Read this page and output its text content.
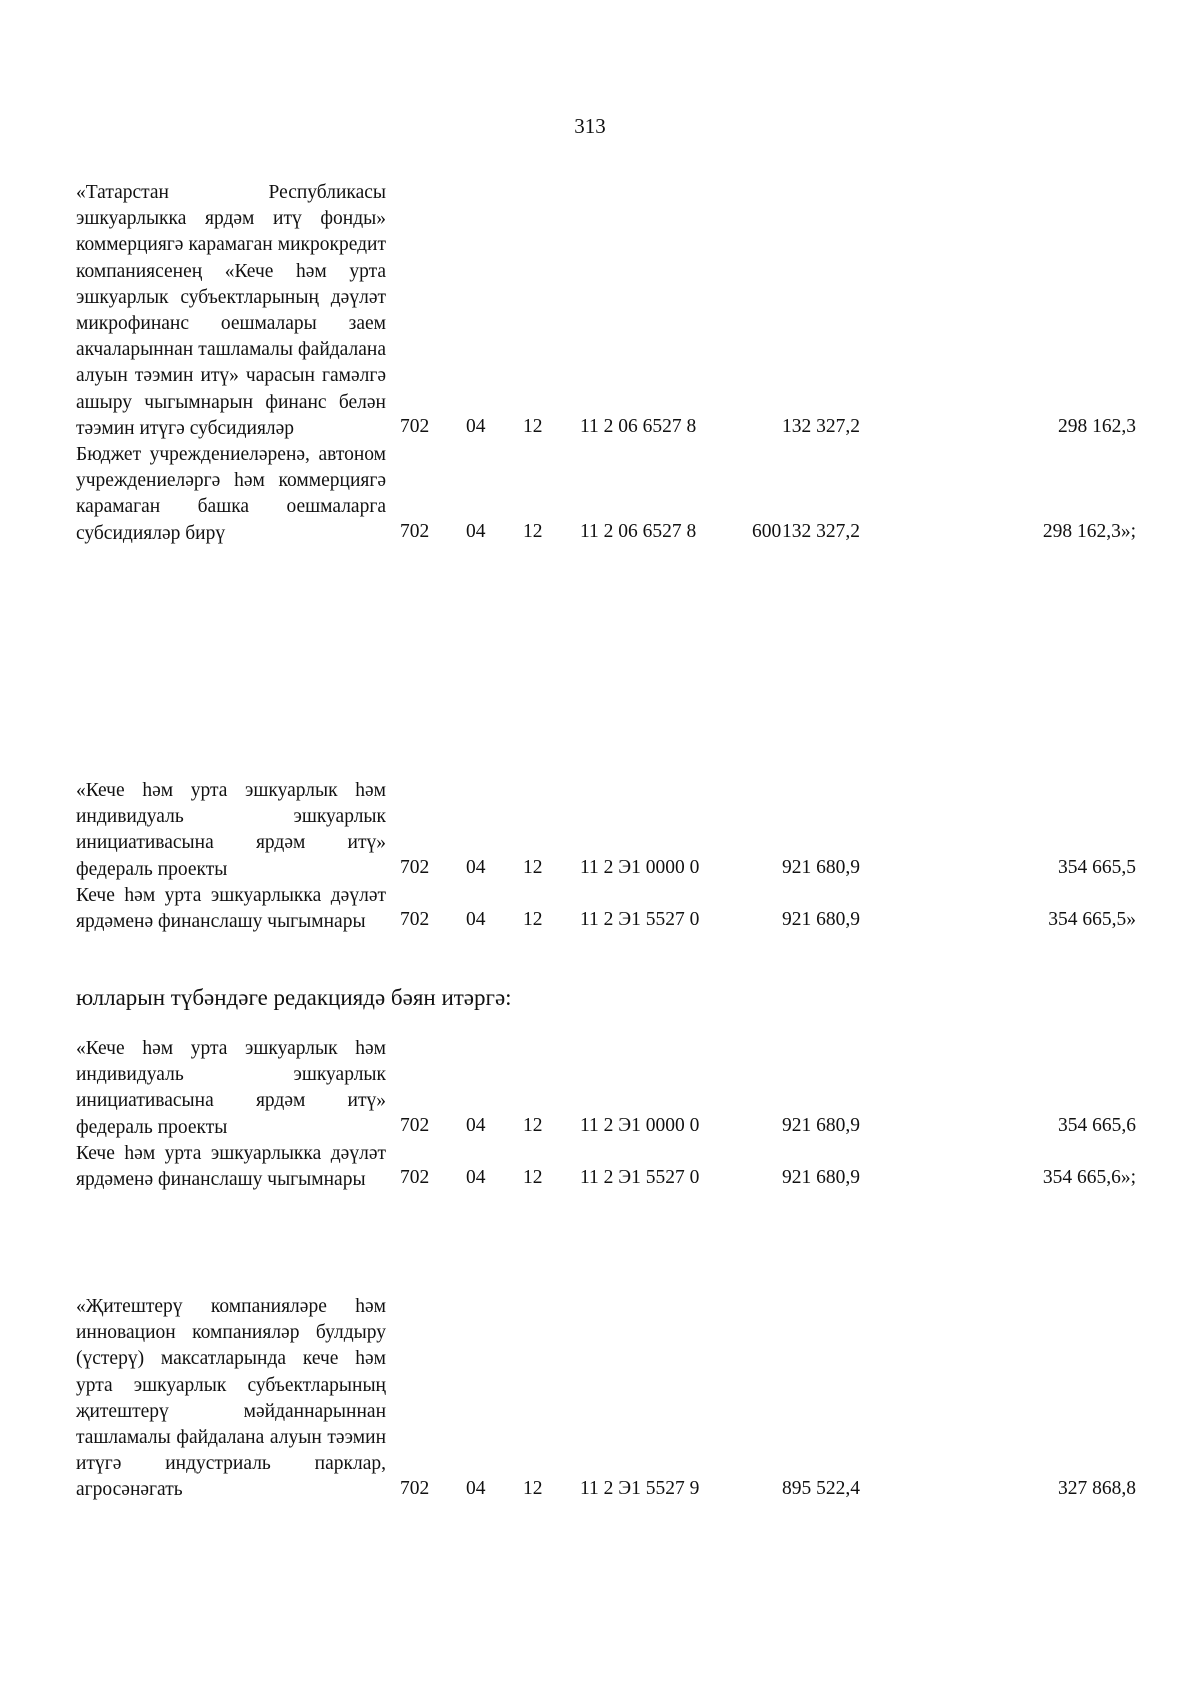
313
«Татарстан Республикасы эшкуарлыкка ярдәм итү фонды» коммерциягә карамаган микрокредит компаниясенең «Кече һәм урта эшкуарлык субъектларының дәүләт микрофинанс оешмалары заем акчаларыннан ташламалы файдалана алуын тәэмин итү» чарасын гамәлгә ашыру чыгымнарын финанс белән тәэмин итүгә субсидияләр	702 04 12 11 2 06 6527 8	132 327,2	298 162,3
Бюджет учреждениеләренә, автоном учреждениеләргә һәм коммерциягә карамаган башка оешмаларга субсидияләр бирү	702 04 12 11 2 06 6527 8	600 132 327,2	298 162,3»;
«Кече һәм урта эшкуарлык һәм индивидуаль эшкуарлык инициативасына ярдәм итү» федераль проекты	702 04 12 11 2 Э1 0000 0	921 680,9	354 665,5
Кече һәм урта эшкуарлыкка дәүләт ярдәменә финанслашу чыгымнары	702 04 12 11 2 Э1 5527 0	921 680,9	354 665,5»
юлларын түбәндәге редакциядә бәян итәргә:
«Кече һәм урта эшкуарлык һәм индивидуаль эшкуарлык инициативасына ярдәм итү» федераль проекты	702 04 12 11 2 Э1 0000 0	921 680,9	354 665,6
Кече һәм урта эшкуарлыкка дәүләт ярдәменә финанслашу чыгымнары	702 04 12 11 2 Э1 5527 0	921 680,9	354 665,6»;
«Җитештерү компанияләре һәм инновацион компанияләр булдыру (үстерү) максатларында кече һәм урта эшкуарлык субъектларының җитештерү мәйданнарыннан ташламалы файдалана алуын тәэмин итүгә индустриаль парклар, агросәнәгать	702 04 12 11 2 Э1 5527 9	895 522,4	327 868,8
